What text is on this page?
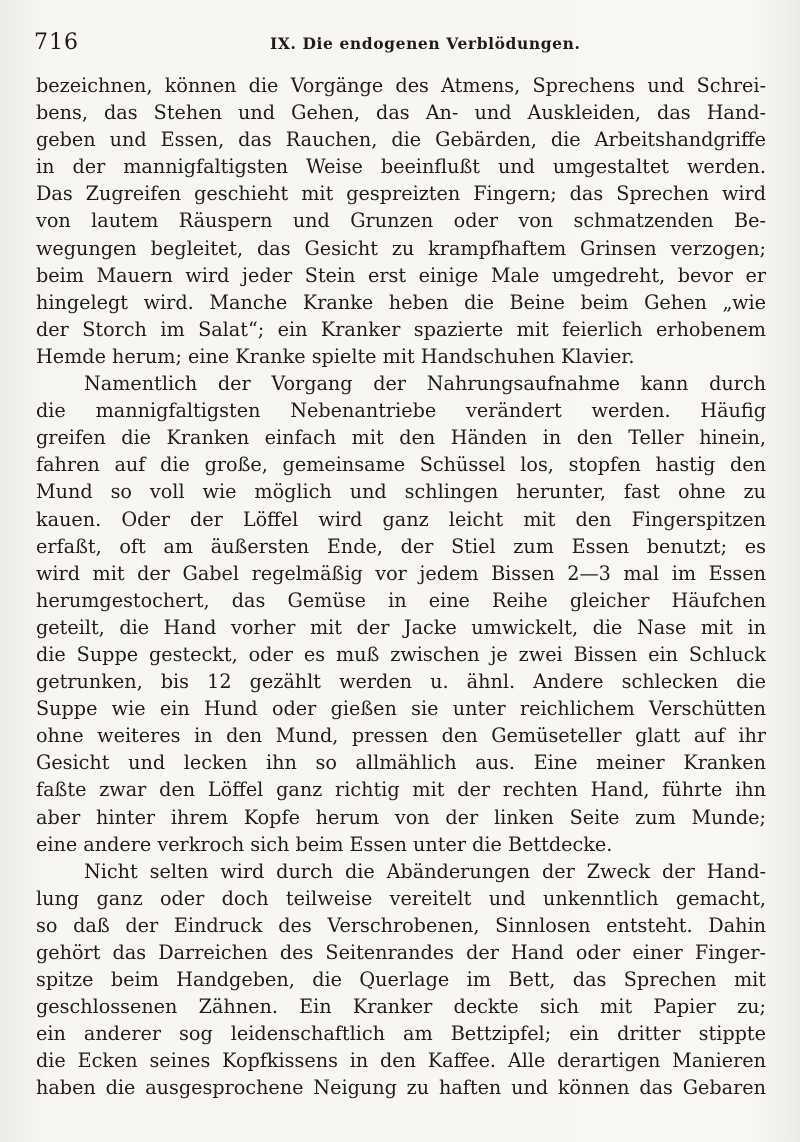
716	IX. Die endogenen Verblödungen.
bezeichnen, können die Vorgänge des Atmens, Sprechens und Schrei-
bens, das Stehen und Gehen, das An- und Auskleiden, das Hand-
geben und Essen, das Rauchen, die Gebärden, die Arbeitshandgriffe
in der mannigfaltigsten Weise beeinflußt und umgestaltet werden.
Das Zugreifen geschieht mit gespreizten Fingern; das Sprechen wird
von lautem Räuspern und Grunzen oder von schmatzenden Be-
wegungen begleitet, das Gesicht zu krampfhaftem Grinsen verzogen;
beim Mauern wird jeder Stein erst einige Male umgedreht, bevor er
hingelegt wird. Manche Kranke heben die Beine beim Gehen „wie
der Storch im Salat“; ein Kranker spazierte mit feierlich erhobenem
Hemde herum; eine Kranke spielte mit Handschuhen Klavier.
Namentlich der Vorgang der Nahrungsaufnahme kann durch
die mannigfaltigsten Nebenantriebe verändert werden. Häufig
greifen die Kranken einfach mit den Händen in den Teller hinein,
fahren auf die große, gemeinsame Schüssel los, stopfen hastig den
Mund so voll wie möglich und schlingen herunter, fast ohne zu
kauen. Oder der Löffel wird ganz leicht mit den Fingerspitzen
erfaßt, oft am äußersten Ende, der Stiel zum Essen benutzt; es
wird mit der Gabel regelmäßig vor jedem Bissen 2—3 mal im Essen
herumgestochert, das Gemüse in eine Reihe gleicher Häufchen
geteilt, die Hand vorher mit der Jacke umwickelt, die Nase mit in
die Suppe gesteckt, oder es muß zwischen je zwei Bissen ein Schluck
getrunken, bis 12 gezählt werden u. ähnl. Andere schlecken die
Suppe wie ein Hund oder gießen sie unter reichlichem Verschütten
ohne weiteres in den Mund, pressen den Gemüseteller glatt auf ihr
Gesicht und lecken ihn so allmählich aus. Eine meiner Kranken
faßte zwar den Löffel ganz richtig mit der rechten Hand, führte ihn
aber hinter ihrem Kopfe herum von der linken Seite zum Munde;
eine andere verkroch sich beim Essen unter die Bettdecke.
Nicht selten wird durch die Abänderungen der Zweck der Hand-
lung ganz oder doch teilweise vereitelt und unkenntlich gemacht,
so daß der Eindruck des Verschrobenen, Sinnlosen entsteht. Dahin
gehört das Darreichen des Seitenrandes der Hand oder einer Finger-
spitze beim Handgeben, die Querlage im Bett, das Sprechen mit
geschlossenen Zähnen. Ein Kranker deckte sich mit Papier zu;
ein anderer sog leidenschaftlich am Bettzipfel; ein dritter stippte
die Ecken seines Kopfkissens in den Kaffee. Alle derartigen Manieren
haben die ausgesprochene Neigung zu haften und können das Gebaren
